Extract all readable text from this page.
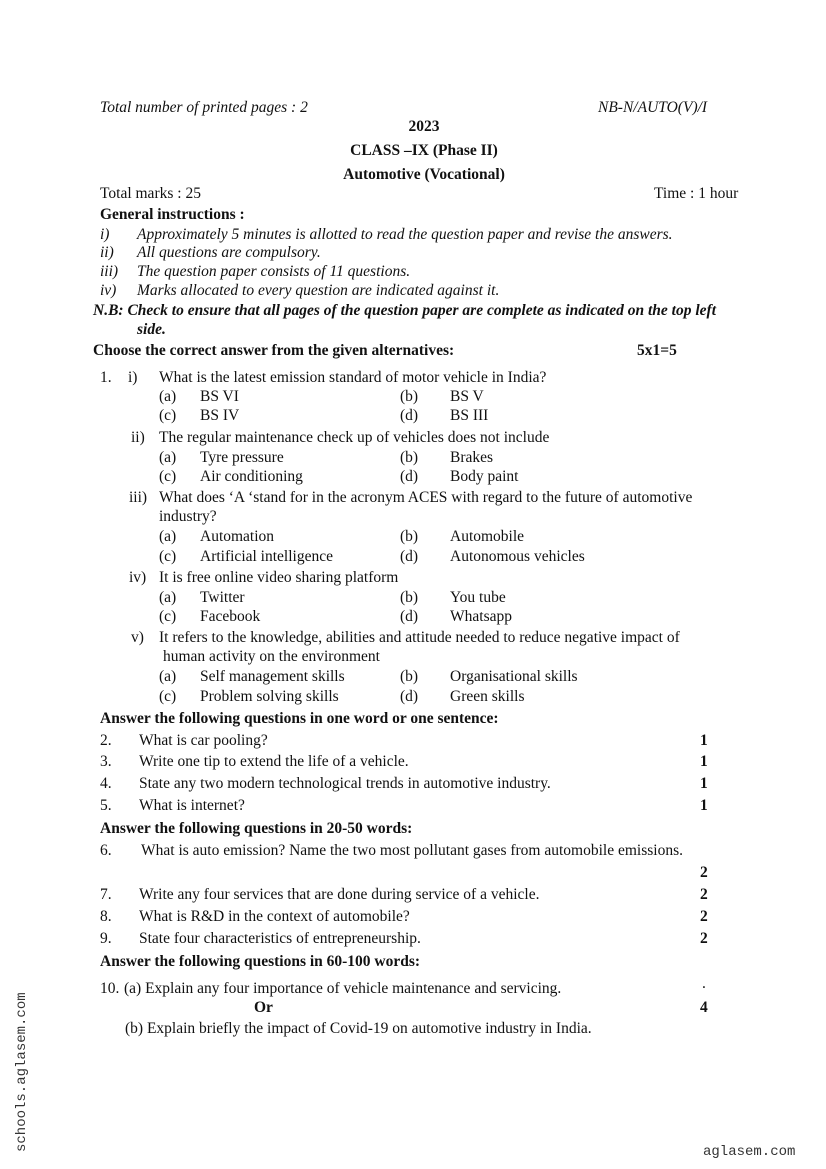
Total number of printed pages : 2	NB-N/AUTO(V)/I
2023
CLASS –IX (Phase II)
Automotive (Vocational)
Total marks : 25	Time : 1 hour
General instructions :
i) Approximately 5 minutes is allotted to read the question paper and revise the answers.
ii) All questions are compulsory.
iii) The question paper consists of 11 questions.
iv) Marks allocated to every question are indicated against it.
N.B: Check to ensure that all pages of the question paper are complete as indicated on the top left
side.
Choose the correct answer from the given alternatives:	5x1=5
1. i) What is the latest emission standard of motor vehicle in India?
(a) BS VI	(b) BS V
(c) BS IV	(d) BS III
ii) The regular maintenance check up of vehicles does not include
(a) Tyre pressure	(b) Brakes
(c) Air conditioning	(d) Body paint
iii) What does ‘A ‘stand for in the acronym ACES with regard to the future of automotive
industry?
(a) Automation	(b) Automobile
(c) Artificial intelligence	(d) Autonomous vehicles
iv) It is free online video sharing platform
(a) Twitter	(b) You tube
(c) Facebook	(d) Whatsapp
v) It refers to the knowledge, abilities and attitude needed to reduce negative impact of
human activity on the environment
(a) Self management skills	(b) Organisational skills
(c) Problem solving skills	(d) Green skills
Answer the following questions in one word or one sentence:
2. What is car pooling?	1
3. Write one tip to extend the life of a vehicle.	1
4. State any two modern technological trends in automotive industry.	1
5. What is internet?	1
Answer the following questions in 20-50 words:
6. What is auto emission? Name the two most pollutant gases from automobile emissions.
2
7. Write any four services that are done during service of a vehicle.	2
8. What is R&D in the context of automobile?	2
9. State four characteristics of entrepreneurship.	2
Answer the following questions in 60-100 words:
10. (a) Explain any four importance of vehicle maintenance and servicing.	.
Or	4
(b) Explain briefly the impact of Covid-19 on automotive industry in India.
schools.aglasem.com	aglasem.com
